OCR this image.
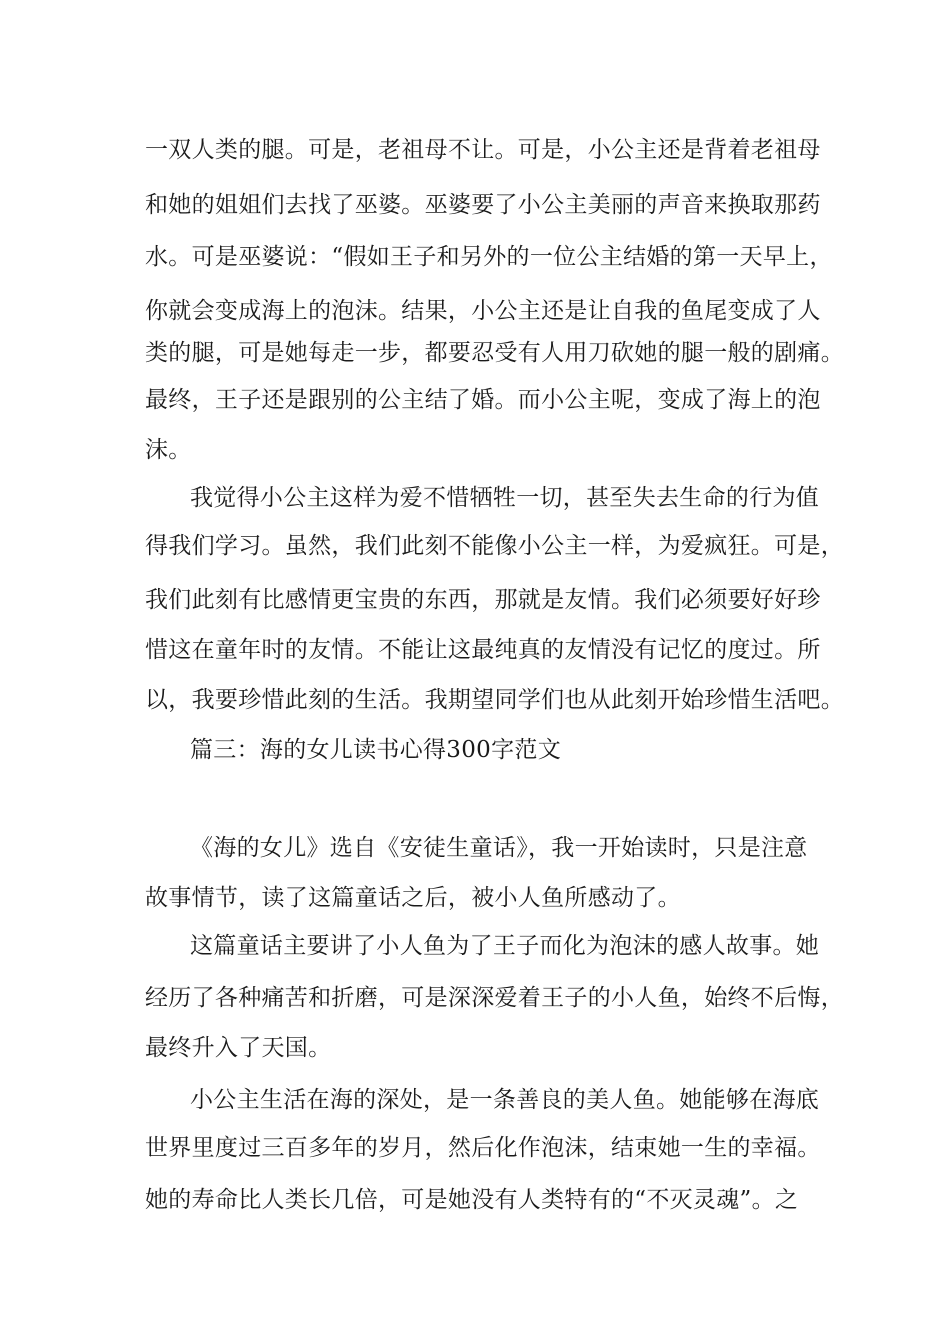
一双人类的腿。可是，老祖母不让。可是，小公主还是背着老祖母
和她的姐姐们去找了巫婆。巫婆要了小公主美丽的声音来换取那药
水。可是巫婆说：“假如王子和另外的一位公主结婚的第一天早上，
你就会变成海上的泡沫。结果，小公主还是让自我的鱼尾变成了人
类的腿，可是她每走一步，都要忍受有人用刀砍她的腿一般的剧痛。
最终，王子还是跟别的公主结了婚。而小公主呢，变成了海上的泡
沫。
我觉得小公主这样为爱不惜牺牲一切，甚至失去生命的行为值
得我们学习。虽然，我们此刻不能像小公主一样，为爱疯狂。可是，
我们此刻有比感情更宝贵的东西，那就是友情。我们必须要好好珍
惜这在童年时的友情。不能让这最纯真的友情没有记忆的度过。所
以，我要珍惜此刻的生活。我期望同学们也从此刻开始珍惜生活吧。
篇三：海的女儿读书心得300字范文
《海的女儿》选自《安徒生童话》，我一开始读时，只是注意
故事情节，读了这篇童话之后，被小人鱼所感动了。
这篇童话主要讲了小人鱼为了王子而化为泡沫的感人故事。她
经历了各种痛苦和折磨，可是深深爱着王子的小人鱼，始终不后悔，
最终升入了天国。
小公主生活在海的深处，是一条善良的美人鱼。她能够在海底
世界里度过三百多年的岁月，然后化作泡沫，结束她一生的幸福。
她的寿命比人类长几倍，可是她没有人类特有的“不灭灵魂”。之
